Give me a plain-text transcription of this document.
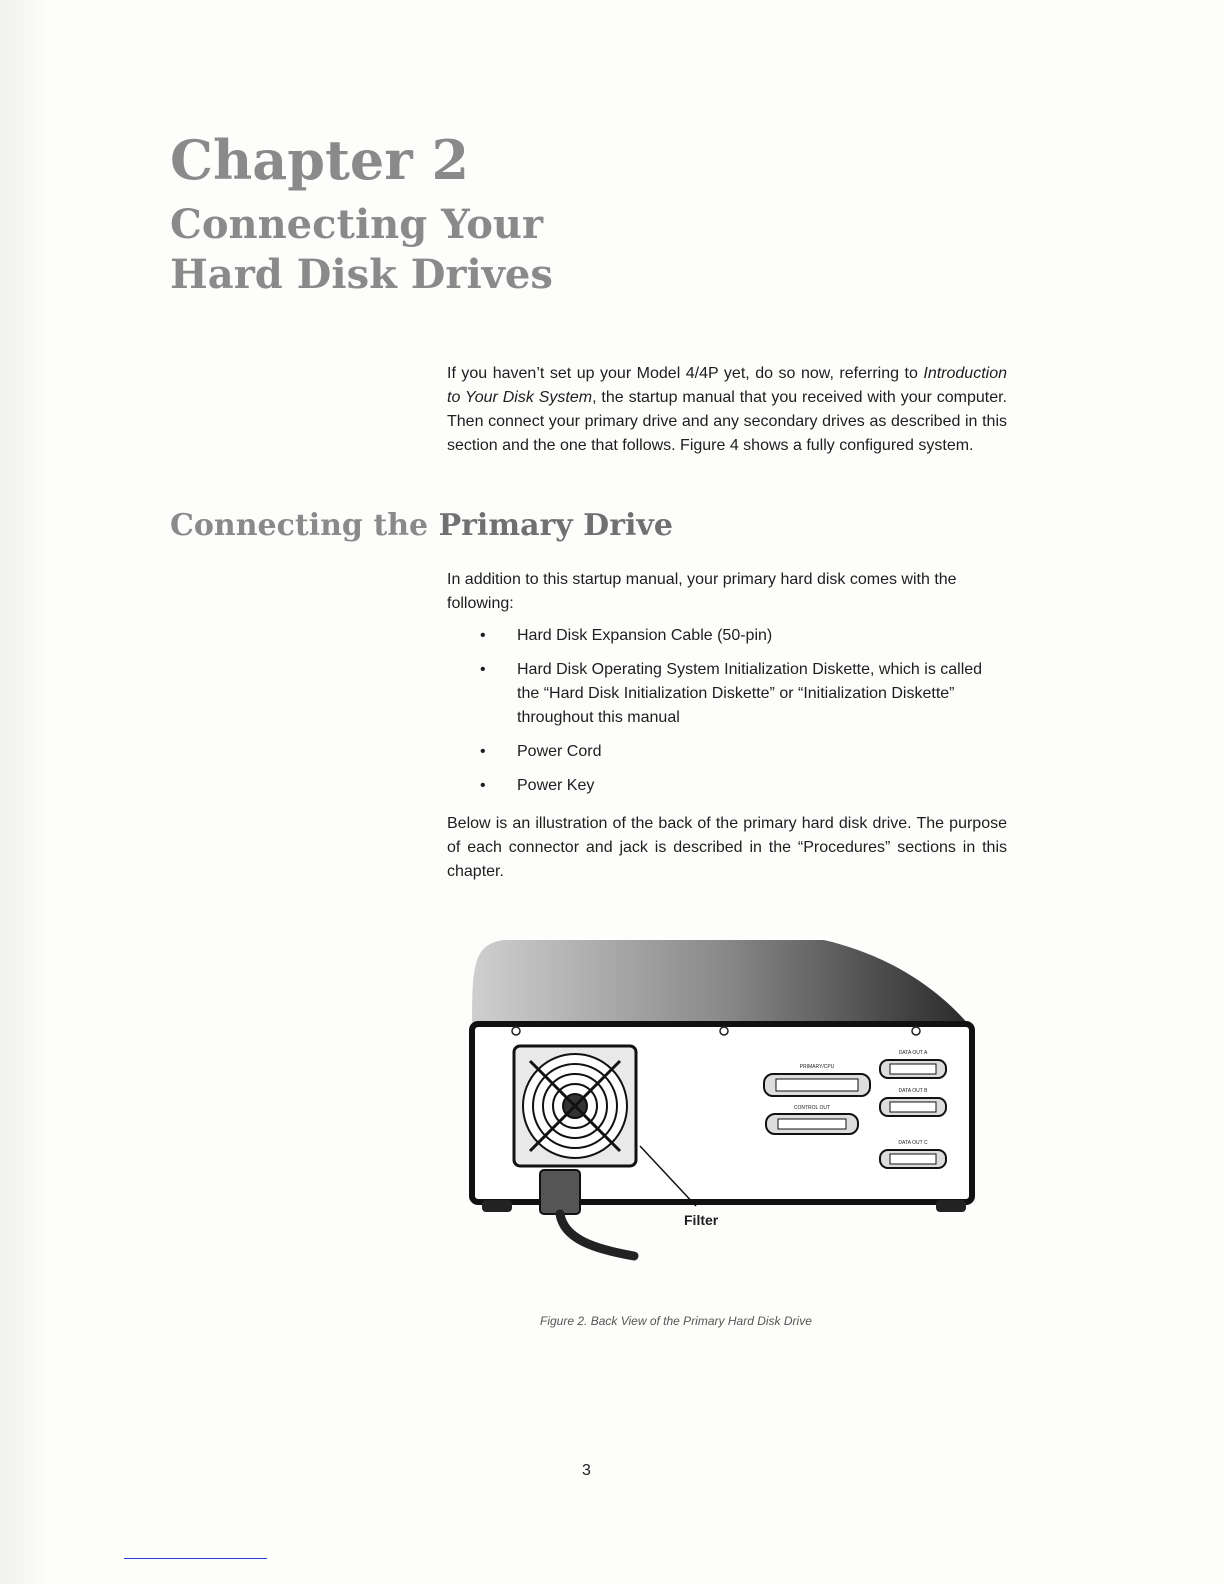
Chapter 2
Connecting Your
Hard Disk Drives

If you haven’t set up your Model 4/4P yet, do so now, referring to Introduction to Your Disk System, the startup manual that you received with your computer. Then connect your primary drive and any secondary drives as described in this section and the one that follows. Figure 4 shows a fully configured system.

Connecting the Primary Drive

In addition to this startup manual, your primary hard disk comes with the following:

• Hard Disk Expansion Cable (50-pin)
• Hard Disk Operating System Initialization Diskette, which is called the “Hard Disk Initialization Diskette” or “Initialization Diskette” throughout this manual
• Power Cord
• Power Key

Below is an illustration of the back of the primary hard disk drive. The purpose of each connector and jack is described in the “Procedures” sections in this chapter.

PRIMARY/CPU
CONTROL OUT
DATA OUT A
DATA OUT B
DATA OUT C

Filter

Figure 2. Back View of the Primary Hard Disk Drive

3
